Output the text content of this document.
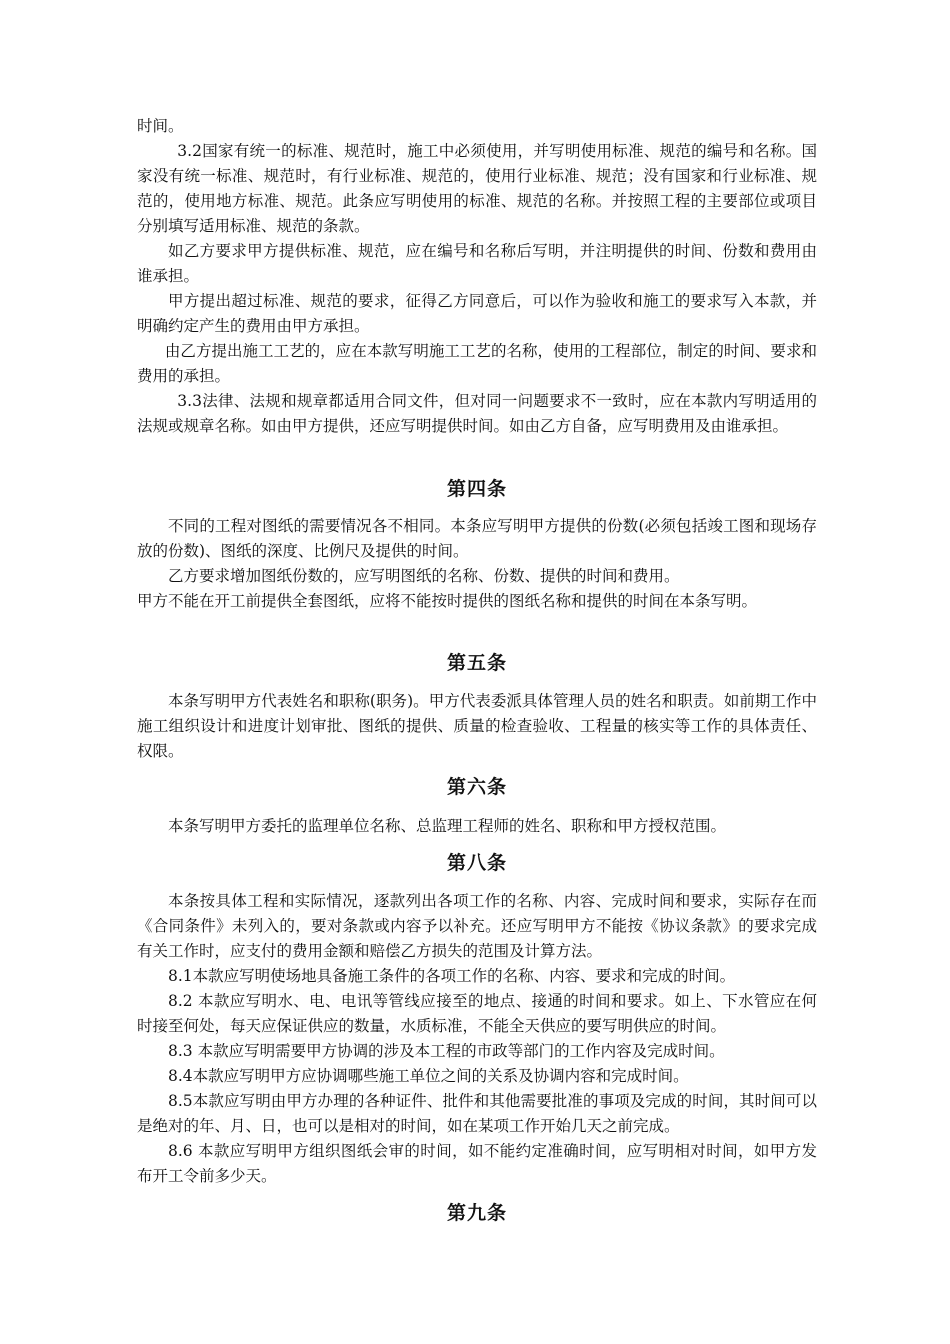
时间。

3.2国家有统一的标准、规范时，施工中必须使用，并写明使用标准、规范的编号和名称。国家没有统一标准、规范时，有行业标准、规范的，使用行业标准、规范；没有国家和行业标准、规范的，使用地方标准、规范。此条应写明使用的标准、规范的名称。并按照工程的主要部位或项目分别填写适用标准、规范的条款。

如乙方要求甲方提供标准、规范，应在编号和名称后写明，并注明提供的时间、份数和费用由谁承担。

甲方提出超过标准、规范的要求，征得乙方同意后，可以作为验收和施工的要求写入本款，并明确约定产生的费用由甲方承担。

由乙方提出施工工艺的，应在本款写明施工工艺的名称，使用的工程部位，制定的时间、要求和费用的承担。

3.3法律、法规和规章都适用合同文件，但对同一问题要求不一致时，应在本款内写明适用的法规或规章名称。如由甲方提供，还应写明提供时间。如由乙方自备，应写明费用及由谁承担。

第四条

不同的工程对图纸的需要情况各不相同。本条应写明甲方提供的份数(必须包括竣工图和现场存放的份数)、图纸的深度、比例尺及提供的时间。

乙方要求增加图纸份数的，应写明图纸的名称、份数、提供的时间和费用。

甲方不能在开工前提供全套图纸，应将不能按时提供的图纸名称和提供的时间在本条写明。

第五条

本条写明甲方代表姓名和职称(职务)。甲方代表委派具体管理人员的姓名和职责。如前期工作中施工组织设计和进度计划审批、图纸的提供、质量的检查验收、工程量的核实等工作的具体责任、权限。

第六条

本条写明甲方委托的监理单位名称、总监理工程师的姓名、职称和甲方授权范围。

第八条

本条按具体工程和实际情况，逐款列出各项工作的名称、内容、完成时间和要求，实际存在而《合同条件》未列入的，要对条款或内容予以补充。还应写明甲方不能按《协议条款》的要求完成有关工作时，应支付的费用金额和赔偿乙方损失的范围及计算方法。

8.1本款应写明使场地具备施工条件的各项工作的名称、内容、要求和完成的时间。

8.2 本款应写明水、电、电讯等管线应接至的地点、接通的时间和要求。如上、下水管应在何时接至何处，每天应保证供应的数量，水质标准，不能全天供应的要写明供应的时间。

8.3 本款应写明需要甲方协调的涉及本工程的市政等部门的工作内容及完成时间。

8.4本款应写明甲方应协调哪些施工单位之间的关系及协调内容和完成时间。

8.5本款应写明由甲方办理的各种证件、批件和其他需要批准的事项及完成的时间，其时间可以是绝对的年、月、日，也可以是相对的时间，如在某项工作开始几天之前完成。

8.6 本款应写明甲方组织图纸会审的时间，如不能约定准确时间，应写明相对时间，如甲方发布开工令前多少天。

第九条
